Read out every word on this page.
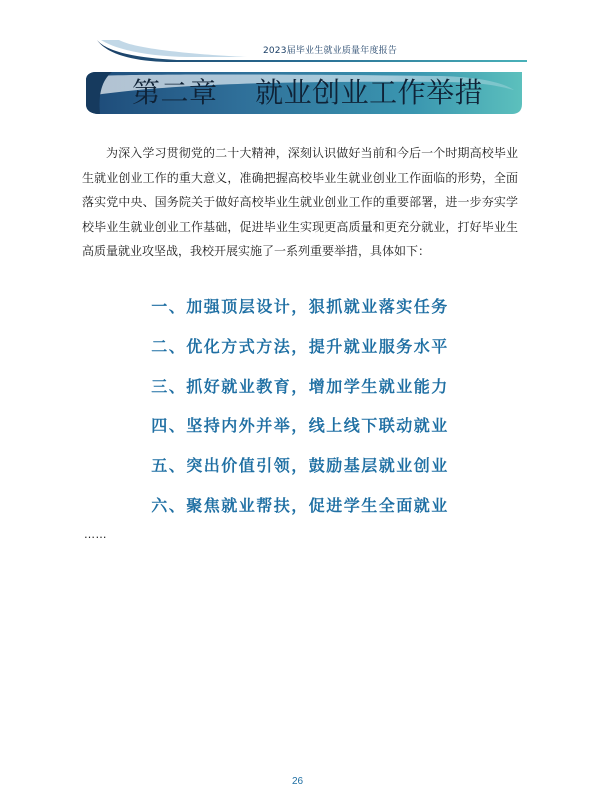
2023届毕业生就业质量年度报告
第二章    就业创业工作举措

为深入学习贯彻党的二十大精神，深刻认识做好当前和今后一个时期高校毕业生就业创业工作的重大意义，准确把握高校毕业生就业创业工作面临的形势，全面落实党中央、国务院关于做好高校毕业生就业创业工作的重要部署，进一步夯实学校毕业生就业创业工作基础，促进毕业生实现更高质量和更充分就业，打好毕业生高质量就业攻坚战，我校开展实施了一系列重要举措，具体如下：

一、加强顶层设计，狠抓就业落实任务
二、优化方式方法，提升就业服务水平
三、抓好就业教育，增加学生就业能力
四、坚持内外并举，线上线下联动就业
五、突出价值引领，鼓励基层就业创业
六、聚焦就业帮扶，促进学生全面就业
……
26
